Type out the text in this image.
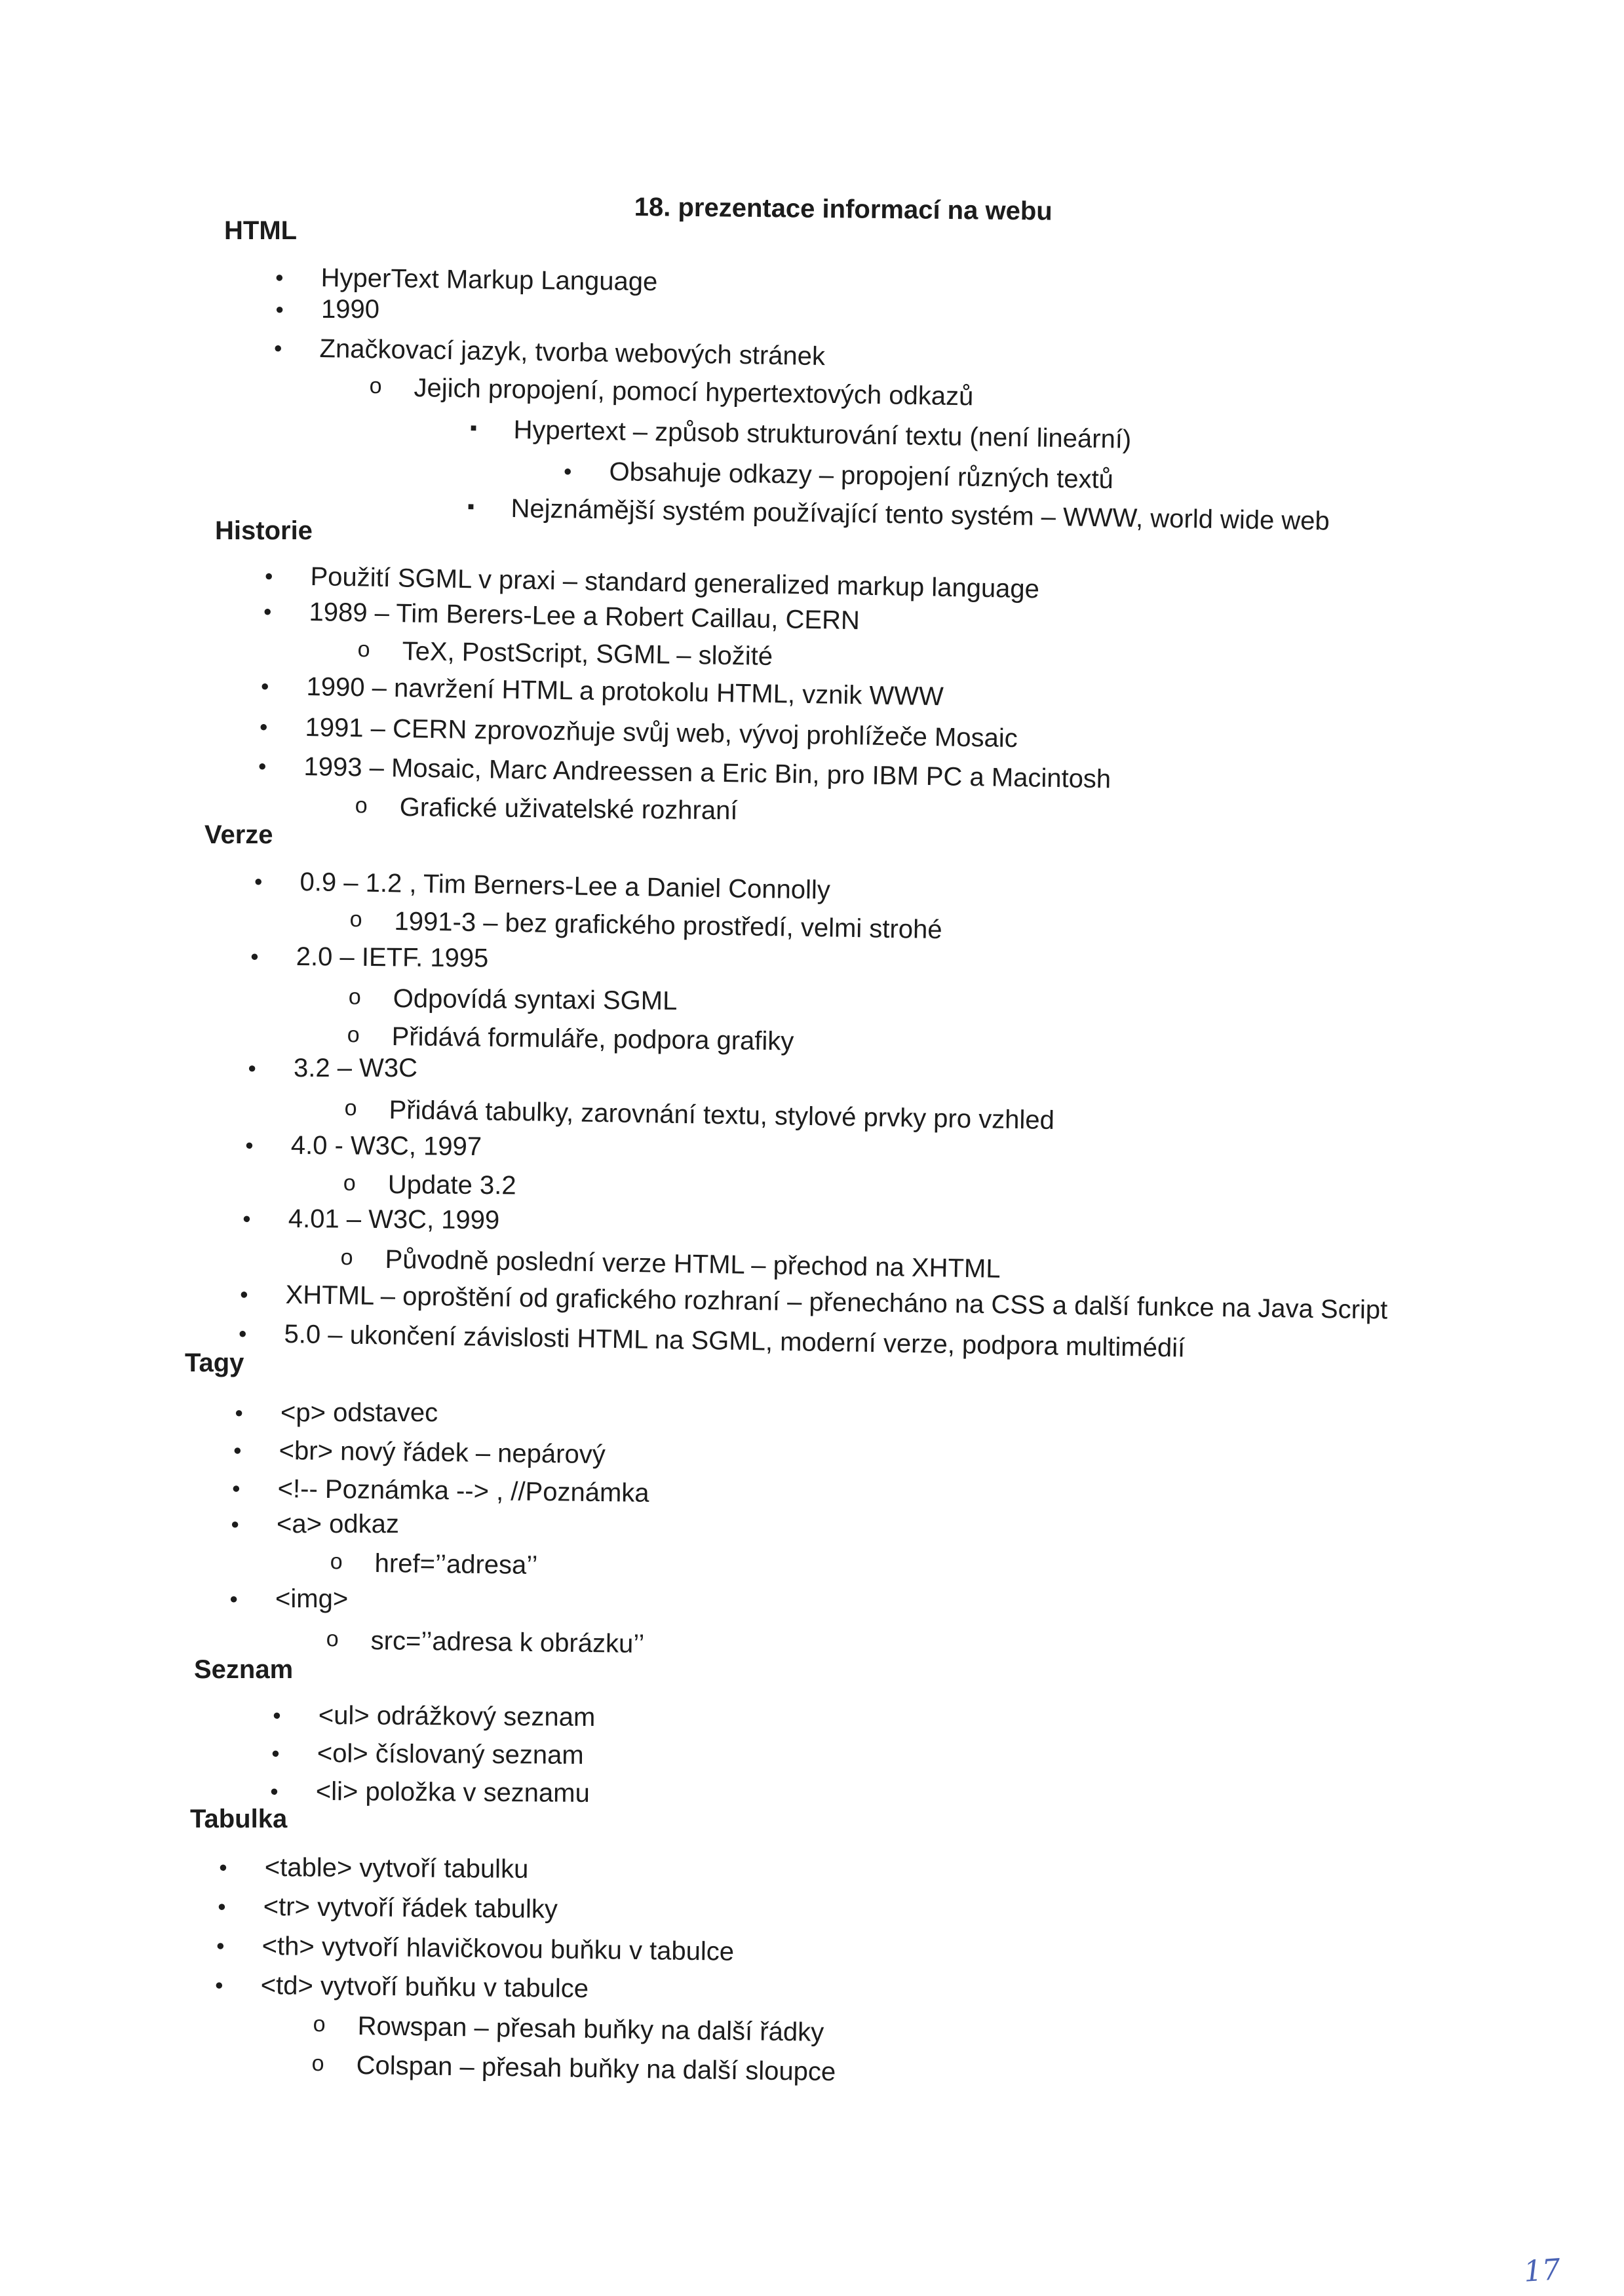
18. prezentace informací na webu
HTML
● HyperText Markup Language
● 1990
● Značkovací jazyk, tvorba webových stránek
o Jejich propojení, pomocí hypertextových odkazů
■ Hypertext – způsob strukturování textu (není lineární)
● Obsahuje odkazy – propojení různých textů
■ Nejznámější systém používající tento systém – WWW, world wide web
Historie
● Použití SGML v praxi – standard generalized markup language
● 1989 – Tim Berers-Lee a Robert Caillau, CERN
o TeX, PostScript, SGML – složité
● 1990 – navržení HTML a protokolu HTML, vznik WWW
● 1991 – CERN zprovozňuje svůj web, vývoj prohlížeče Mosaic
● 1993 – Mosaic, Marc Andreessen a Eric Bin, pro IBM PC a Macintosh
o Grafické uživatelské rozhraní
Verze
● 0.9 – 1.2 , Tim Berners-Lee a Daniel Connolly
o 1991-3 – bez grafického prostředí, velmi strohé
● 2.0 – IETF. 1995
o Odpovídá syntaxi SGML
o Přidává formuláře, podpora grafiky
● 3.2 – W3C
o Přidává tabulky, zarovnání textu, stylové prvky pro vzhled
● 4.0 - W3C, 1997
o Update 3.2
● 4.01 – W3C, 1999
o Původně poslední verze HTML – přechod na XHTML
● XHTML – oproštění od grafického rozhraní – přenecháno na CSS a další funkce na Java Script
● 5.0 – ukončení závislosti HTML na SGML, moderní verze, podpora multimédií
Tagy
● <p> odstavec
● <br> nový řádek – nepárový
● <!-- Poznámka --> , //Poznámka
● <a> odkaz
o href=’’adresa’’
● <img>
o src=’’adresa k obrázku’’
Seznam
● <ul> odrážkový seznam
● <ol> číslovaný seznam
● <li> položka v seznamu
Tabulka
● <table> vytvoří tabulku
● <tr> vytvoří řádek tabulky
● <th> vytvoří hlavičkovou buňku v tabulce
● <td> vytvoří buňku v tabulce
o Rowspan – přesah buňky na další řádky
o Colspan – přesah buňky na další sloupce
17
